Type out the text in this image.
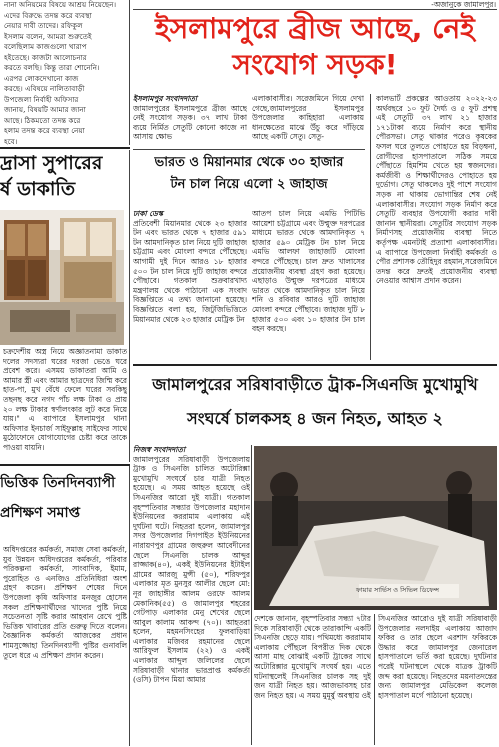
নানা অনিয়মের বিষয়ে আশ্রয় নিয়েছেন।
এদের বিরুদ্ধে তদন্ত করে ব্যবস্থা
নেয়ার দাবী তাদের। রফিকুল
ইসলাম বলেন, আমরা শুরুতেই
বলেছিলাম কাজগুলো খারাপ
হইতেছে। কাজটা আলোচনার
করতে বলছি। কিন্তু তারা শোনেনি।
এরপর লোকদেখানো কাজ
করছে। এবিষয়ে নালিতাবাড়ী
উপজেলা নির্বাহী অফিসার
জানায়, বিষয়টি আমার জানা
আছে। ঠিকমতো তদন্ত করে
হলাম তদন্ত করে ব্যবস্থা নেয়া
হবে।
-অজানুকে জামালপুর।
ইসলামপুরে ব্রীজ আছে, নেই
সংযোগ সড়ক!
ইসলামপুর সংবাদদাতা
জামালপুরের ইসলামপুরে ব্রীজ আছে নেই সংযোগ সড়ক। ৩৭ লাখ টাকা ব্যয়ে নির্মিত সেতুটি কোনো কাজে না আসায় ক্ষোভ
এলাকাবাসীর। সরেজমিনে গিয়ে দেখা গেছে,জামালপুরের ইসলামপুর উপজেলার কাহিহারা এলাকায় ধানক্ষেতের মাঝে উঁচু করে দাঁড়িয়ে আছে একটি সেতু। সেতু-
কালভার্ট প্রকল্পের আওতায় ২০২২-২৩ অর্থবছরে ১০ ফুট দৈর্ঘ্য ও ৫ ফুট প্রশস্থ এই সেতুটি ৩৭ লাখ ২১ হাজার ১৭১টাকা ব্যয়ে নির্মাণ করে স্থানীয় পৌরসভা। সেতু থাকার পরেও কৃষকের ফসল ঘরে তুলতে পোহাতে হয় বিড়ম্বনা, রোগীদের হাসপাতালে সঠিক সময়ে পৌঁছাতে হিমশিম খেতে হয় স্বজনদের। কর্মজীবী ও শিক্ষার্থীদেরও পোহাতে হয় দুর্ভোগ। সেতু থাকলেও দুই পাশে সংযোগ সড়ক না থাকায় ভোগান্তির শেষ নেই এলাকাবাসীর। সংযোগ সড়ক নির্মাণ করে সেতুটি ব্যবহার উপযোগী করার দাবী জানান স্থানীয়রা। সেতুটির সংযোগ সড়ক নির্মাণসহ প্রয়োজনীয় ব্যবস্থা নিতে কর্তৃপক্ষ এমনটাই প্রত্যাশা এলাকাবাসীর। এ ব্যাপারে উপজেলা নির্বাহী কর্মকর্তা ও পৌর প্রশাসক তৌহিদুর রহমান,সরেজমিনে তদন্ত করে দ্রুতই প্রয়োজনীয় ব্যবস্থা নেওয়ার আশ্বাস প্রদান করেন।
দ্রাসা সুপারের
র্ষ ডাকাতি
চক্রদেশীয় অস্ত্র নিয়ে অজ্ঞাতনামা ডাকাত দলের সদস্যরা ঘরের দরজা ভেঙে ঘরে প্রবেশ করে। এসময় ডাকাতরা আমি ও আমার স্ত্রী এবং আমার ছাত্রদের জিম্মি করে হাত-পা, মুখ বেঁধে ফেলে ঘরের সবকিছু তছনছ করে নগদ পাঁচ লক্ষ টাকা ও প্রায় ২০ লক্ষ টাকার স্বর্ণালংকার লুট করে নিয়ে যায়।" এ ব্যাপারে ইসলামপুর থানা অফিসার ইনচার্জ সাইফুল্লাহ সাইফের সাথে মুঠোফোনে যোগাযোগের চেষ্টা করে তাকে পাওয়া যায়নি।
ভারত ও মিয়ানমার থেকে ৩০ হাজার
টন চাল নিয়ে এলো ২ জাহাজ
ঢাকা ডেস্ক
প্রতিবেশী মিয়ানমার থেকে ২৩ হাজার টন এবং ভারত থেকে ৭ হাজার ৫৯১ টন আমদানিকৃত চাল নিয়ে দুটি জাহাজ চট্টগ্রাম এবং মোংলা বন্দরে পৌঁছেছে। আগামী দুই দিনে আরও ১৮ হাজার ৫০০ টন চাল নিয়ে দুটি জাহাজ বন্দরে পৌছাবে। গতকাল শুক্রবারখাদ্য মন্ত্রণালয় থেকে পাঠানো এক সংবাদ বিজ্ঞপ্তিতে এ তথ্য জানানো হয়েছে। বিজ্ঞপ্তিতে বলা হয়, জিটুজিভিত্তিতে মিয়ানমার থেকে ২৩ হাজার মেট্রিক টন
আতপ চাল নিয়ে এমভি পিটিভি আয়েশা চট্টগ্রামে এবং উন্মুক্ত দরপত্রের মাধ্যমে ভারত থেকে আমদানিকৃত ৭ হাজার ৫৯০ মেট্রিক টন চাল নিয়ে এমভি আলফা জাহাজটি মোংলা বন্দরে পৌঁছেছে। চাল দ্রুত খালাসের প্রয়োজনীয় ব্যবস্থা গ্রহণ করা হয়েছে। এছাড়াও উন্মুক্ত দরপত্রের মাধ্যমে ভারত থেকে আমদানিকৃত চাল নিয়ে শনি ও রবিবার আরও দুটি জাহাজ মোংলা বন্দরে পৌঁছাবে। জাহাজ দুটি ৮ হাজার ৫০০ এবং ১০ হাজার টন চাল বহন করছে।
জামালপুরের সরিষাবাড়ীতে ট্রাক-সিএনজি মুখোমুখি
সংঘর্ষে চালকসহ ৪ জন নিহত, আহত ২
নিজস্ব সংবাদদাতা
জামালপুরের সরিষাবাড়ী উপজেলায় ট্রাক ও সিএনজি চালিত অটোরিক্সা মুখোমুখি সংঘর্ষে চার যাত্রী নিহত হয়েছে। এ সময় আহত হয়েছে ওই সিএনজির আরো দুই যাত্রী। গতকাল বৃহস্পতিবার সন্ধ্যার উপজেলার মহাদান ইউনিয়নের কররামাম এলাকায় এই দুর্ঘটনা ঘটে। নিহতরা হলেন, জামালপুর সদর উপজেলার দিগপাইত ইউনিয়নের নারায়ণপুর গ্রামের জহুরুল আবেদীনের ছেলে সিএনজি চালক আব্দুর রাজ্জাক(৪০), একই ইউনিয়নের ইটাইল গ্রামের আরজু মুন্সী (৫০), শরিফপুর এলাকার মৃত মুনসুর আলীর ছেলে মো: নূর জাহাঙ্গীর আলম ওরফে আলম মেকানিক(৫৫) ও জামালপুর শহরের গেটপাড় এলাকার মেনু শেখের ছেলে আবুল কালাম আকন্দ (৭০)। আহতরা হলেন, মহমনসিংহের ফুলবাড়িয়া এলাকার মজিবর রহমানের ছেলে আরিফুল ইসলাম (২২) ও একই এলাকার আব্দুল জলিলের ছেলে সরিষাবাড়ী থানার ভারপ্রাপ্ত কর্মকর্তা (ওসি) টাপন মিয়া আমার
ফায়ার সার্ভিস ও সিভিল ডিফেন্স
দেশকে জানান, বৃহস্পতিবার সন্ধ্যা ৭টার দিকে সরিষাবাড়ী থেকে তারাকান্দি একটি সিএনজি ছেড়ে যায়। পথিমধ্যে কররামাম এলাকায় পৌঁছলে বিপরীত দিক থেকে আসা মাছ বোঝাই একটি ট্রাকের সাথে অটোরিক্সার মুখোমুখি সংঘর্ষ হয়। এতে ঘটনাস্থলেই সিএনজির চালক সহ দুই জন যাত্রী নিহত হয়। আজভাবসহ চার জন নিহত হয়। এ সময় মুমূর্ষু অবস্থায় ওই
সিএনজির আরোও দুই যাত্রী সরিষাবাড়ী উপজেলার নলদাইয় এলাকায় আজাদ ফকির ও তার ছেলে এরশাদ ফকিরকে উদ্ধার করে জামালপুর জেনারেল হাসপাতালে ভর্তি করা হয়েছে। দুর্ঘটনার পরেই ঘটনাস্থলে থেকে যাত্রক ট্রাকটি জব্দ করা হয়েছে। নিহতদের ময়নাতদন্তের জন্য জামালপুর মেডিকেল কলেজ হাসপাতাল মর্গে পাঠানো হয়েছে।
ভিত্তিক তিনদিনব্যাপী
প্রশিক্ষণ সমাপ্ত
অধিদপ্তরের কর্মকর্তা, সমাজ সেবা কর্মকর্তা, যুব উন্নয়ন অধিদপ্তরের কর্মকর্তা, পরিবার পরিকল্পনা কর্মকর্তা, সাংবাদিক, ইমাম, পুরোহিত ও এনজিও প্রতিনিধিরা অংশ গ্রহণ করেন। প্রশিক্ষণ শেষের দিনে উপজেলা কৃষি অফিসার মনজুর হোসেন সকল প্রশিক্ষণার্থীদের খাদ্যের পুষ্টি নিয়ে সচেতনতা সৃষ্টি করার আহবান রেখে পুষ্টি ভিত্তিক খাবারের প্রতি গুরুত্ব দিতে বলেন। বৈজ্ঞানিক কর্মকর্তা আজকের প্রধান শামসুজ্জোহা তিনদিনব্যাপী পুষ্টির গুনাবলি তুলে ধরে এ প্রশিক্ষণ প্রদান করেন।
